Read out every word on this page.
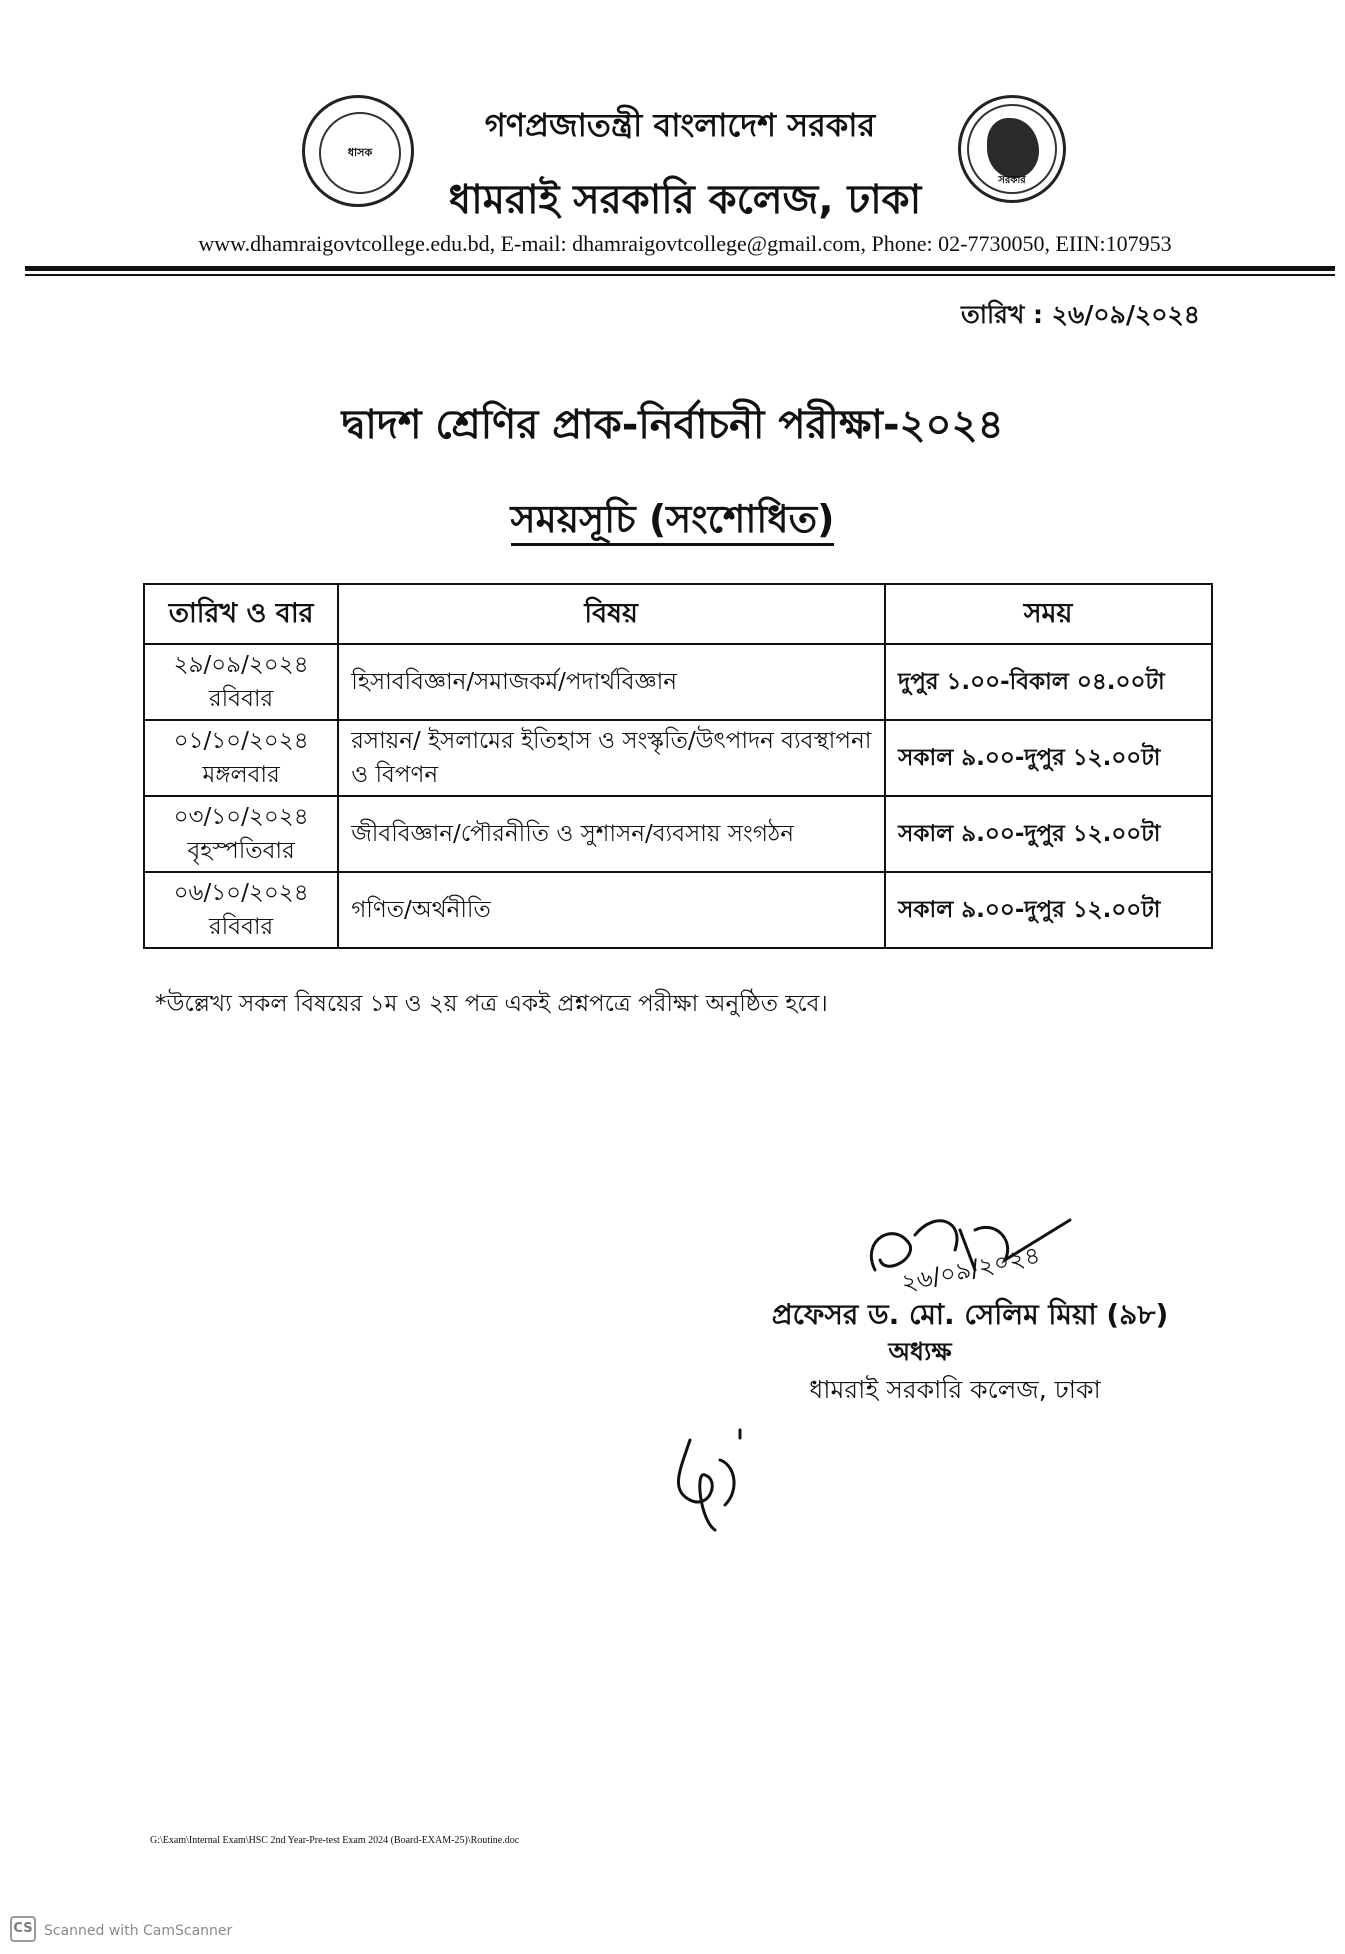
ধাসক
গণপ্রজাতন্ত্রী বাংলাদেশ সরকার
ধামরাই সরকারি কলেজ, ঢাকা	সরকার
www.dhamraigovtcollege.edu.bd, E-mail: dhamraigovtcollege@gmail.com, Phone: 02-7730050, EIIN:107953
তারিখ : ২৬/০৯/২০২৪
দ্বাদশ শ্রেণির প্রাক-নির্বাচনী পরীক্ষা-২০২৪
সময়সূচি (সংশোধিত)
তারিখ ও বার	বিষয়	সময়

২৯/০৯/২০২৪
রবিবার	হিসাববিজ্ঞান/সমাজকর্ম/পদার্থবিজ্ঞান	দুপুর ১.০০-বিকাল ০৪.০০টা

০১/১০/২০২৪
মঙ্গলবার	রসায়ন/ ইসলামের ইতিহাস ও সংস্কৃতি/উৎপাদন ব্যবস্থাপনা
ও বিপণন	সকাল ৯.০০-দুপুর ১২.০০টা

০৩/১০/২০২৪
বৃহস্পতিবার	জীববিজ্ঞান/পৌরনীতি ও সুশাসন/ব্যবসায় সংগঠন	সকাল ৯.০০-দুপুর ১২.০০টা

০৬/১০/২০২৪
রবিবার	গণিত/অর্থনীতি	সকাল ৯.০০-দুপুর ১২.০০টা
*উল্লেখ্য সকল বিষয়ের ১ম ও ২য় পত্র একই প্রশ্নপত্রে পরীক্ষা অনুষ্ঠিত হবে।
২৬/০৯/২০২৪
প্রফেসর ড. মো. সেলিম মিয়া (৯৮)
অধ্যক্ষ
ধামরাই সরকারি কলেজ, ঢাকা
G:\Exam\Internal Exam\HSC 2nd Year-Pre-test Exam 2024 (Board-EXAM-25)\Routine.doc
CS Scanned with CamScanner
